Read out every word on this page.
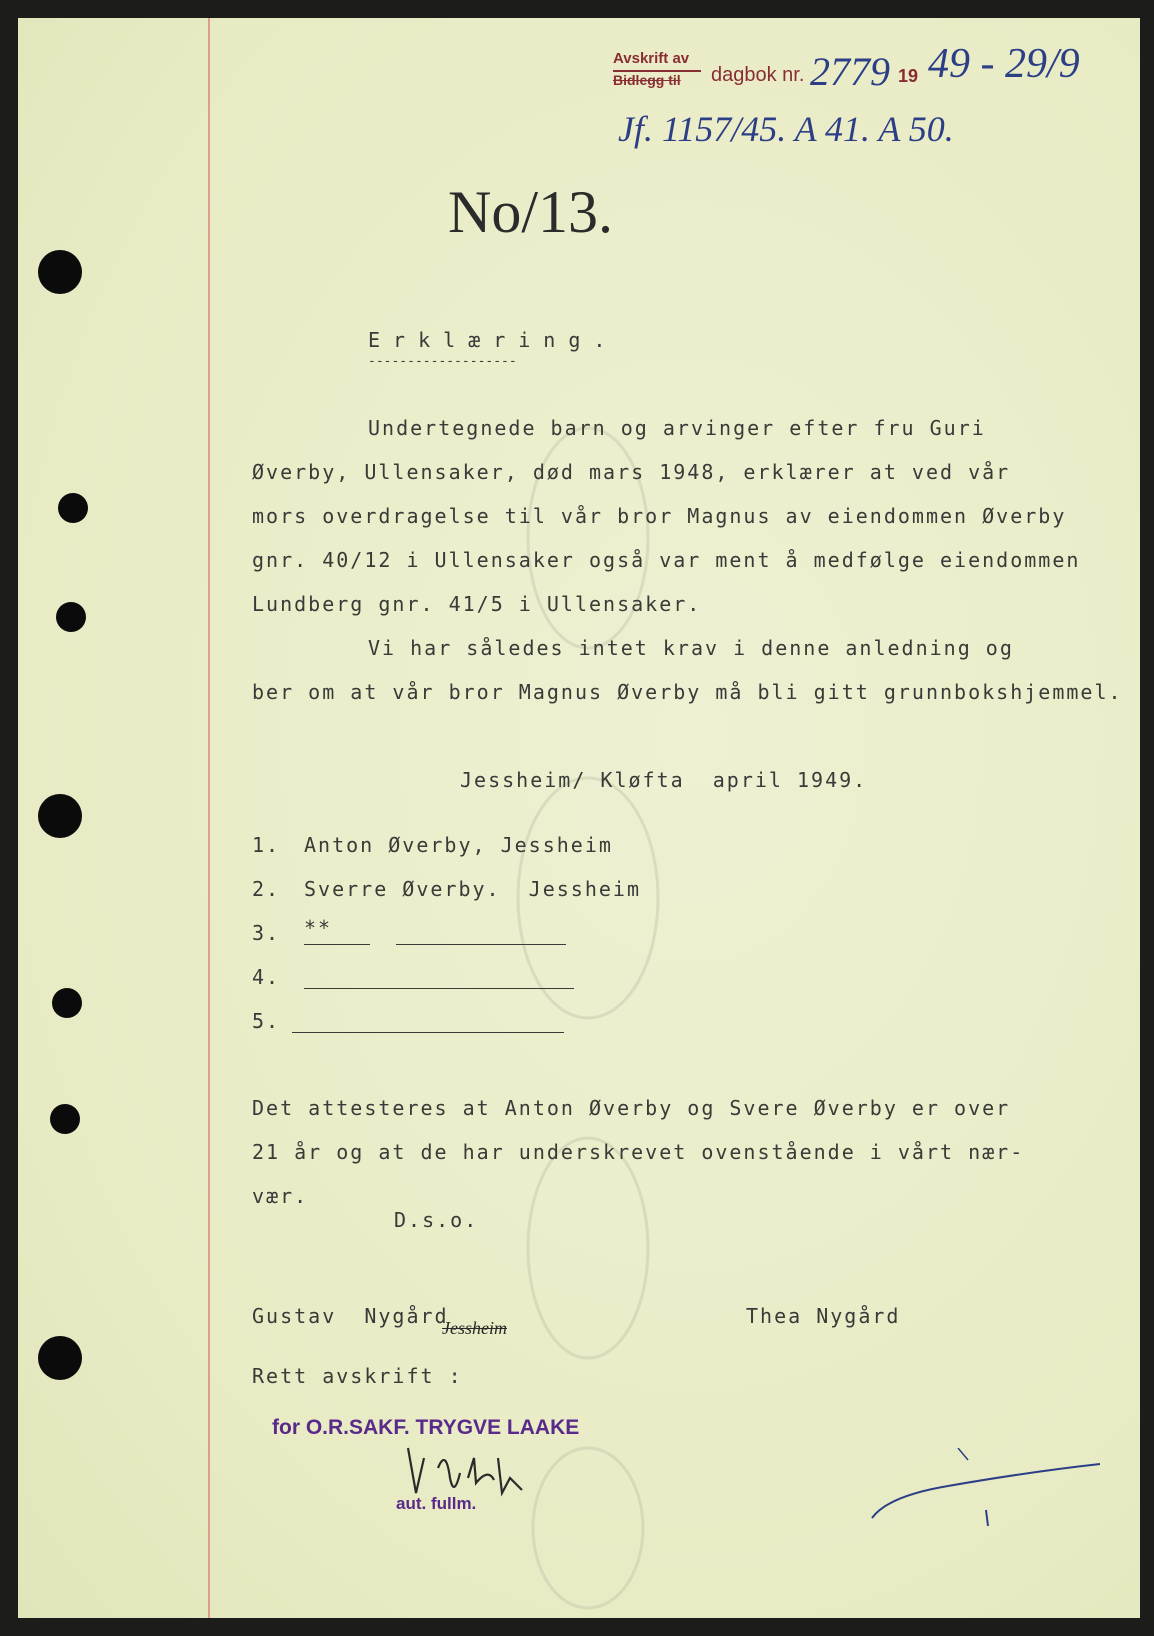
Avskrift av
Bidlegg til dagbok nr. 2779 19 49 - 29/9
Jf. 1157/45. A 41. A 50.
No/13.
Erklæring.
-------------------
Undertegnede barn og arvinger efter fru Guri
Øverby, Ullensaker, død mars 1948, erklærer at ved vår
mors overdragelse til vår bror Magnus av eiendommen Øverby
gnr. 40/12 i Ullensaker også var ment å medfølge eiendommen
Lundberg gnr. 41/5 i Ullensaker.
Vi har således intet krav i denne anledning og
ber om at vår bror Magnus Øverby må bli gitt grunnbokshjemmel.
Jessheim/ Kløfta  april 1949.
1. Anton Øverby, Jessheim
2. Sverre Øverby.  Jessheim
3. **
4.
5.
Det attesteres at Anton Øverby og Svere Øverby er over
21 år og at de har underskrevet ovenstående i vårt nær-
vær.
D.s.o.
Gustav  Nygård
Jessheim	Thea Nygård
Rett avskrift :
for O.R.SAKF. TRYGVE LAAKE
aut. fullm.
